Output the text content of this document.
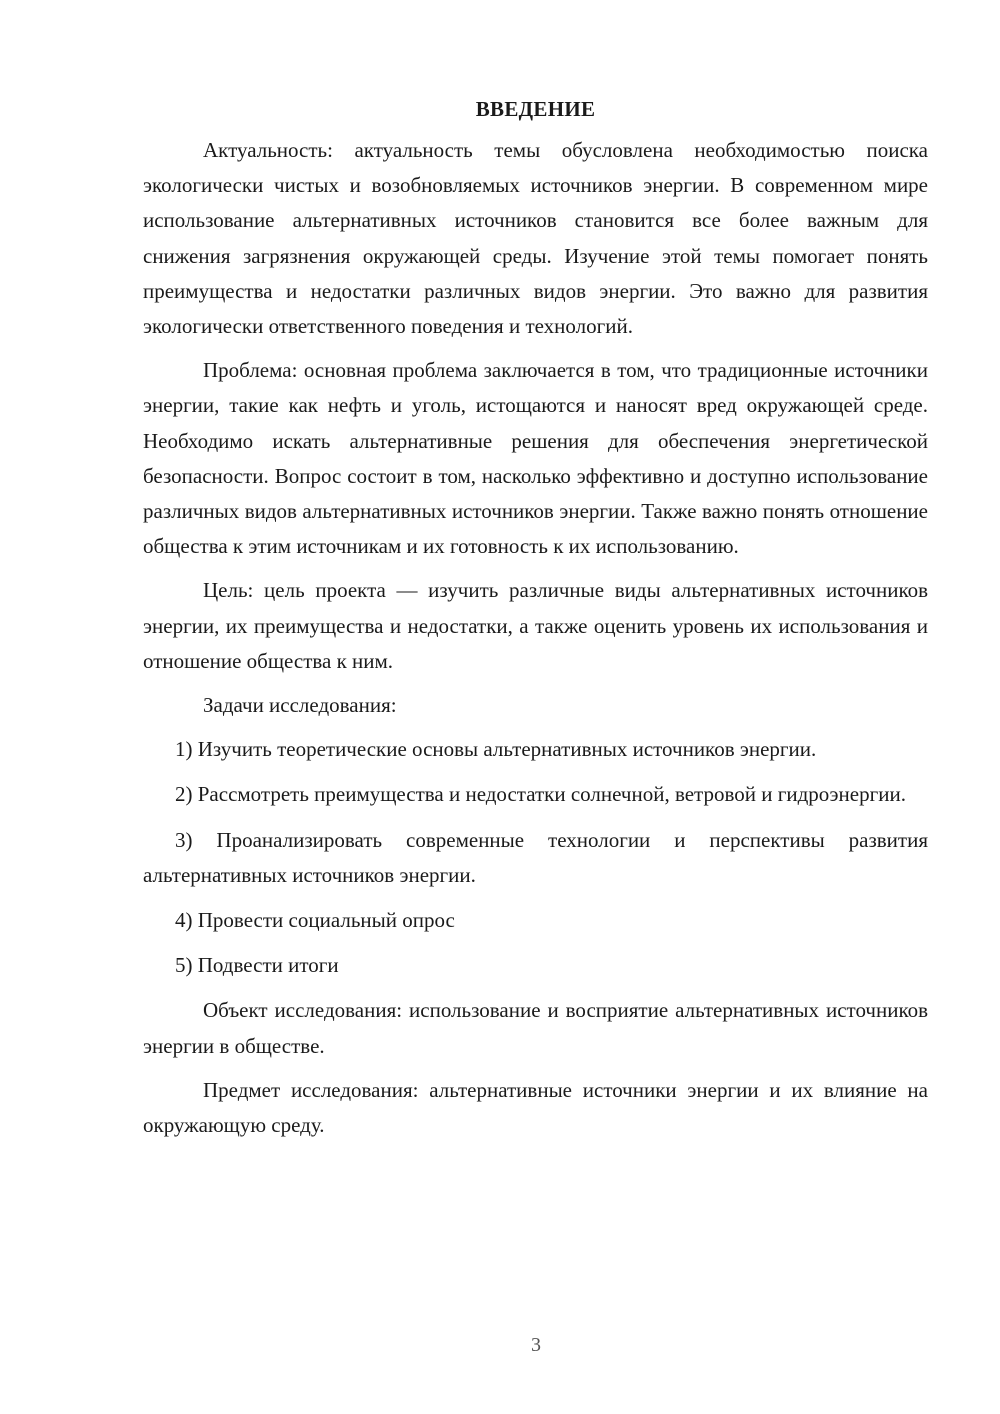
ВВЕДЕНИЕ

Актуальность: актуальность темы обусловлена необходимостью поиска экологически чистых и возобновляемых источников энергии. В современном мире использование альтернативных источников становится все более важным для снижения загрязнения окружающей среды. Изучение этой темы помогает понять преимущества и недостатки различных видов энергии. Это важно для развития экологически ответственного поведения и технологий.

Проблема: основная проблема заключается в том, что традиционные источники энергии, такие как нефть и уголь, истощаются и наносят вред окружающей среде. Необходимо искать альтернативные решения для обеспечения энергетической безопасности. Вопрос состоит в том, насколько эффективно и доступно использование различных видов альтернативных источников энергии. Также важно понять отношение общества к этим источникам и их готовность к их использованию.

Цель: цель проекта — изучить различные виды альтернативных источников энергии, их преимущества и недостатки, а также оценить уровень их использования и отношение общества к ним.

Задачи исследования:

1) Изучить теоретические основы альтернативных источников энергии.

2) Рассмотреть преимущества и недостатки солнечной, ветровой и гидроэнергии.

3) Проанализировать современные технологии и перспективы развития альтернативных источников энергии.

4) Провести социальный опрос

5) Подвести итоги

Объект исследования: использование и восприятие альтернативных источников энергии в обществе.

Предмет исследования: альтернативные источники энергии и их влияние на окружающую среду.

3
